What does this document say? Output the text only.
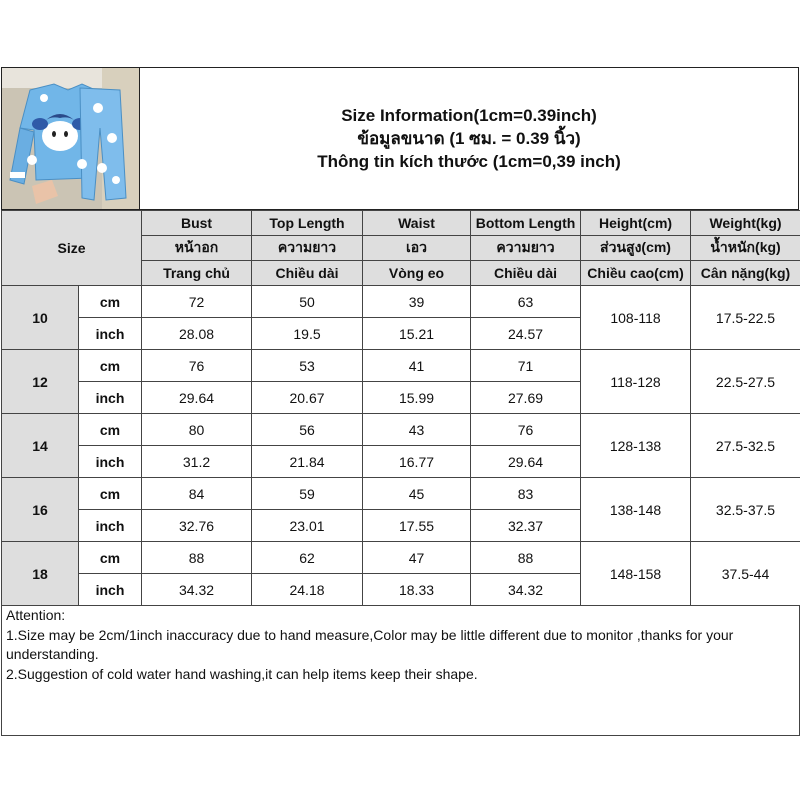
Size Information(1cm=0.39inch)
ข้อมูลขนาด (1 ซม. = 0.39 นิ้ว)
Thông tin kích thước (1cm=0,39 inch)
Size		Bust	Top Length	Waist	Bottom Length	Height(cm)	Weight(kg)
		หน้าอก	ความยาว	เอว	ความยาว	ส่วนสูง(cm)	น้ำหนัก(kg)
		Trang chủ	Chiều dài	Vòng eo	Chiều dài	Chiều cao(cm)	Cân nặng(kg)
10	cm	72	50	39	63	108-118	17.5-22.5
	inch	28.08	19.5	15.21	24.57		
12	cm	76	53	41	71	118-128	22.5-27.5
	inch	29.64	20.67	15.99	27.69		
14	cm	80	56	43	76	128-138	27.5-32.5
	inch	31.2	21.84	16.77	29.64		
16	cm	84	59	45	83	138-148	32.5-37.5
	inch	32.76	23.01	17.55	32.37		
18	cm	88	62	47	88	148-158	37.5-44
	inch	34.32	24.18	18.33	34.32		

Attention:

1.Size may be 2cm/1inch inaccuracy due to hand measure,Color may be little different due to monitor ,thanks for your understanding.

2.Suggestion of cold water hand washing,it can help items keep their shape.
